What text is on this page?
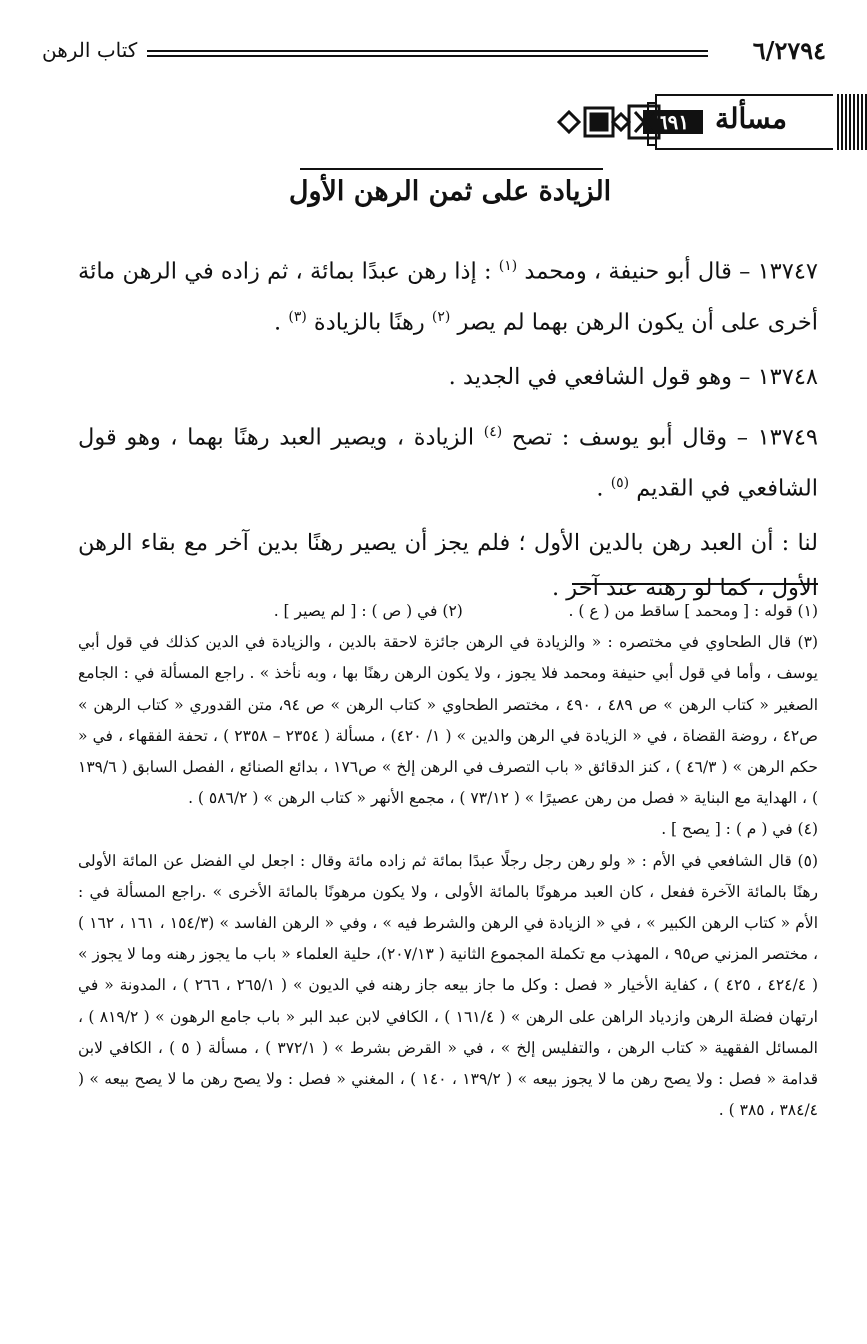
٦/٢٧٩٤
كتاب الرهن
مسألة
٦٩١
الزيادة على ثمن الرهن الأول

١٣٧٤٧ – قال أبو حنيفة ، ومحمد $^{(١)}$ : إذا رهن عبدًا بمائة ، ثم زاده في الرهن مائة أخرى على أن يكون الرهن بهما لم يصر $^{(٢)}$ رهنًا بالزيادة $^{(٣)}$ .

١٣٧٤٨ – وهو قول الشافعي في الجديد .

١٣٧٤٩ – وقال أبو يوسف : تصح $^{(٤)}$ الزيادة ، ويصير العبد رهنًا بهما ، وهو قول الشافعي في القديم $^{(٥)}$ .

لنا : أن العبد رهن بالدين الأول ؛ فلم يجز أن يصير رهنًا بدين آخر مع بقاء الرهن الأول ، كما لو رهنه عند آخر .

(١) قوله : [ ومحمد ] ساقط من ( ع ) .
(٢) في ( ص ) : [ لم يصير ] .

(٣) قال الطحاوي في مختصره : « والزيادة في الرهن جائزة لاحقة بالدين ، والزيادة في الدين كذلك في قول أبي يوسف ، وأما في قول أبي حنيفة ومحمد فلا يجوز ، ولا يكون الرهن رهنًا بها ، وبه نأخذ » . راجع المسألة في : الجامع الصغير « كتاب الرهن » ص ٤٨٩ ، ٤٩٠ ، مختصر الطحاوي « كتاب الرهن » ص ٩٤، متن القدوري « كتاب الرهن » ص٤٢ ، روضة القضاة ، في « الزيادة في الرهن والدين » ( ١/ ٤٢٠) ، مسألة ( ٢٣٥٤ – ٢٣٥٨ ) ، تحفة الفقهاء ، في « حكم الرهن » ( ٤٦/٣ ) ، كنز الدقائق « باب التصرف في الرهن إلخ » ص١٧٦ ، بدائع الصنائع ، الفصل السابق ( ١٣٩/٦ ) ، الهداية مع البناية « فصل من رهن عصيرًا » ( ٧٣/١٢ ) ، مجمع الأنهر « كتاب الرهن » ( ٥٨٦/٢ ) .

(٤) في ( م ) : [ يصح ] .

(٥) قال الشافعي في الأم : « ولو رهن رجل رجلًا عبدًا بمائة ثم زاده مائة وقال : اجعل لي الفضل عن المائة الأولى رهنًا بالمائة الآخرة ففعل ، كان العبد مرهونًا بالمائة الأولى ، ولا يكون مرهونًا بالمائة الأخرى » .راجع المسألة في : الأم « كتاب الرهن الكبير » ، في « الزيادة في الرهن والشرط فيه » ، وفي « الرهن الفاسد » (١٥٤/٣ ، ١٦١ ، ١٦٢ ) ، مختصر المزني ص٩٥ ، المهذب مع تكملة المجموع الثانية ( ٢٠٧/١٣)، حلية العلماء « باب ما يجوز رهنه وما لا يجوز » ( ٤٢٤/٤ ، ٤٢٥ ) ، كفاية الأخيار « فصل : وكل ما جاز بيعه جاز رهنه في الديون » ( ٢٦٥/١ ، ٢٦٦ ) ، المدونة « في ارتهان فضلة الرهن وازدياد الراهن على الرهن » ( ١٦١/٤ ) ، الكافي لابن عبد البر « باب جامع الرهون » ( ٨١٩/٢ ) ، المسائل الفقهية « كتاب الرهن ، والتفليس إلخ » ، في « القرض بشرط » ( ٣٧٢/١ ) ، مسألة ( ٥ ) ، الكافي لابن قدامة « فصل : ولا يصح رهن ما لا يجوز بيعه » ( ١٣٩/٢ ، ١٤٠ ) ، المغني « فصل : ولا يصح رهن ما لا يصح بيعه » ( ٣٨٤/٤ ، ٣٨٥ ) .
